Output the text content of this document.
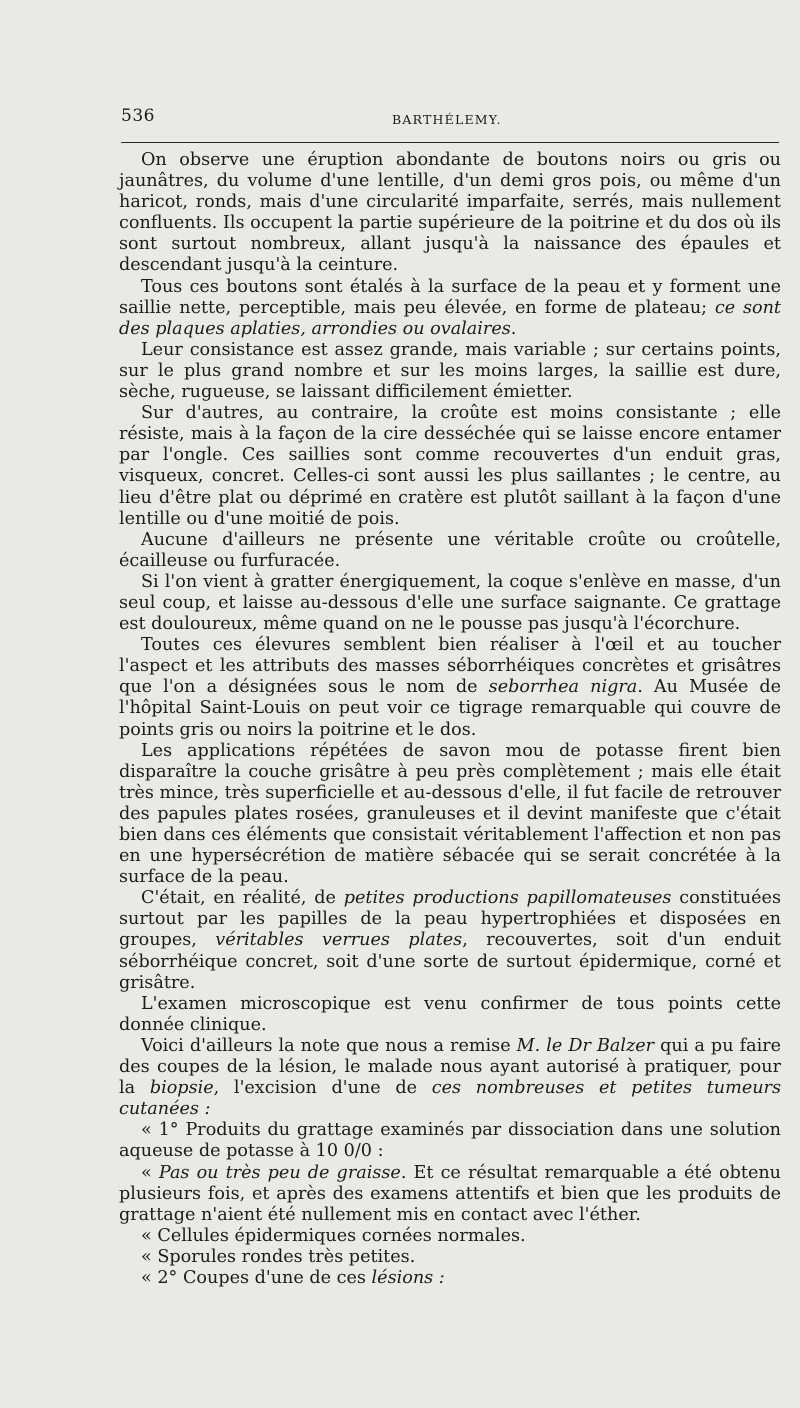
536	BARTHÉLEMY.

On observe une éruption abondante de boutons noirs ou gris ou jaunâtres, du volume d'une lentille, d'un demi gros pois, ou même d'un haricot, ronds, mais d'une circularité imparfaite, serrés, mais nullement confluents. Ils occupent la partie supérieure de la poitrine et du dos où ils sont surtout nombreux, allant jusqu'à la naissance des épaules et descendant jusqu'à la ceinture.

Tous ces boutons sont étalés à la surface de la peau et y forment une saillie nette, perceptible, mais peu élevée, en forme de plateau; ce sont des plaques aplaties, arrondies ou ovalaires.

Leur consistance est assez grande, mais variable ; sur certains points, sur le plus grand nombre et sur les moins larges, la saillie est dure, sèche, rugueuse, se laissant difficilement émietter.

Sur d'autres, au contraire, la croûte est moins consistante ; elle résiste, mais à la façon de la cire desséchée qui se laisse encore entamer par l'ongle. Ces saillies sont comme recouvertes d'un enduit gras, visqueux, concret. Celles-ci sont aussi les plus saillantes ; le centre, au lieu d'être plat ou déprimé en cratère est plutôt saillant à la façon d'une lentille ou d'une moitié de pois.

Aucune d'ailleurs ne présente une véritable croûte ou croûtelle, écailleuse ou furfuracée.

Si l'on vient à gratter énergiquement, la coque s'enlève en masse, d'un seul coup, et laisse au-dessous d'elle une surface saignante. Ce grattage est douloureux, même quand on ne le pousse pas jusqu'à l'écorchure.

Toutes ces élevures semblent bien réaliser à l'œil et au toucher l'aspect et les attributs des masses séborrhéiques concrètes et grisâtres que l'on a désignées sous le nom de seborrhea nigra. Au Musée de l'hôpital Saint-Louis on peut voir ce tigrage remarquable qui couvre de points gris ou noirs la poitrine et le dos.

Les applications répétées de savon mou de potasse firent bien disparaître la couche grisâtre à peu près complètement ; mais elle était très mince, très superficielle et au-dessous d'elle, il fut facile de retrouver des papules plates rosées, granuleuses et il devint manifeste que c'était bien dans ces éléments que consistait véritablement l'affection et non pas en une hypersécrétion de matière sébacée qui se serait concrétée à la surface de la peau.

C'était, en réalité, de petites productions papillomateuses constituées surtout par les papilles de la peau hypertrophiées et disposées en groupes, véritables verrues plates, recouvertes, soit d'un enduit séborrhéique concret, soit d'une sorte de surtout épidermique, corné et grisâtre.

L'examen microscopique est venu confirmer de tous points cette donnée clinique.

Voici d'ailleurs la note que nous a remise M. le Dr Balzer qui a pu faire des coupes de la lésion, le malade nous ayant autorisé à pratiquer, pour la biopsie, l'excision d'une de ces nombreuses et petites tumeurs cutanées :

« 1° Produits du grattage examinés par dissociation dans une solution aqueuse de potasse à 10 0/0 :

« Pas ou très peu de graisse. Et ce résultat remarquable a été obtenu plusieurs fois, et après des examens attentifs et bien que les produits de grattage n'aient été nullement mis en contact avec l'éther.

« Cellules épidermiques cornées normales.

« Sporules rondes très petites.

« 2° Coupes d'une de ces lésions :
